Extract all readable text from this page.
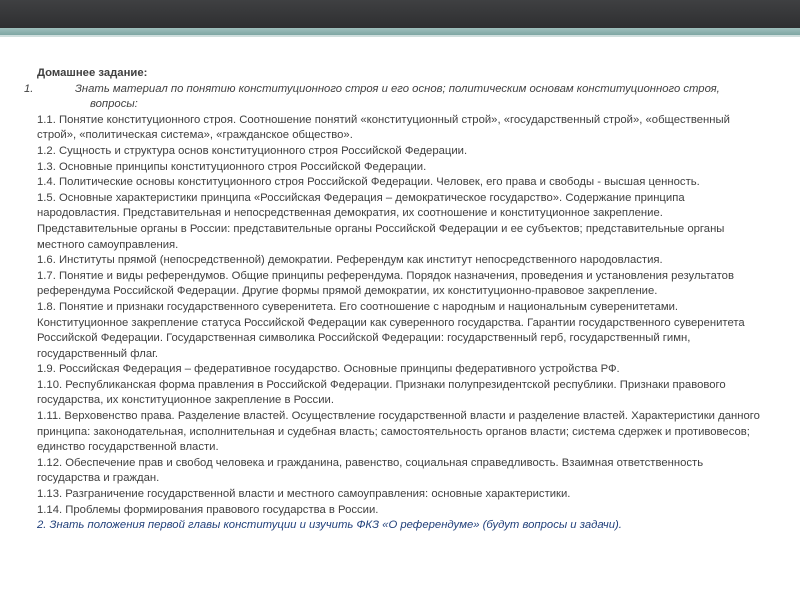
Домашнее задание:

1.	Знать материал по понятию конституционного строя и его основ; политическим основам конституционного строя, вопросы:

1.1. Понятие конституционного строя. Соотношение понятий «конституционный строй», «государственный строй», «общественный строй», «политическая система», «гражданское общество».

1.2. Сущность и структура основ конституционного строя Российской Федерации.

1.3. Основные принципы конституционного строя Российской Федерации.

1.4. Политические основы конституционного строя Российской Федерации. Человек, его права и свободы - высшая ценность.

1.5. Основные характеристики принципа «Российская Федерация – демократическое государство». Содержание принципа народовластия. Представительная и непосредственная демократия, их соотношение и конституционное закрепление. Представительные органы в России: представительные органы Российской Федерации и ее субъектов; представительные органы местного самоуправления.

1.6. Институты прямой (непосредственной) демократии. Референдум как институт непосредственного народовластия.

1.7. Понятие и виды референдумов. Общие принципы референдума. Порядок назначения, проведения и установления результатов референдума Российской Федерации. Другие формы прямой демократии, их конституционно-правовое закрепление.

1.8. Понятие и признаки государственного суверенитета. Его соотношение с народным и национальным суверенитетами. Конституционное закрепление статуса Российской Федерации как суверенного государства. Гарантии государственного суверенитета Российской Федерации. Государственная символика Российской Федерации: государственный герб, государственный гимн, государственный флаг.

1.9. Российская Федерация – федеративное государство. Основные принципы федеративного устройства РФ.

1.10. Республиканская форма правления в Российской Федерации. Признаки полупрезидентской республики. Признаки правового государства, их конституционное закрепление в России.

1.11. Верховенство права. Разделение властей. Осуществление государственной власти и разделение властей. Характеристики данного принципа: законодательная, исполнительная и судебная власть; самостоятельность органов власти; система сдержек и противовесов; единство государственной власти.

1.12. Обеспечение прав и свобод человека и гражданина, равенство, социальная справедливость. Взаимная ответственность государства и граждан.

1.13. Разграничение государственной власти и местного самоуправления: основные характеристики.

1.14. Проблемы формирования правового государства в России.

2. Знать положения первой главы конституции и изучить ФКЗ «О референдуме» (будут вопросы и задачи).
